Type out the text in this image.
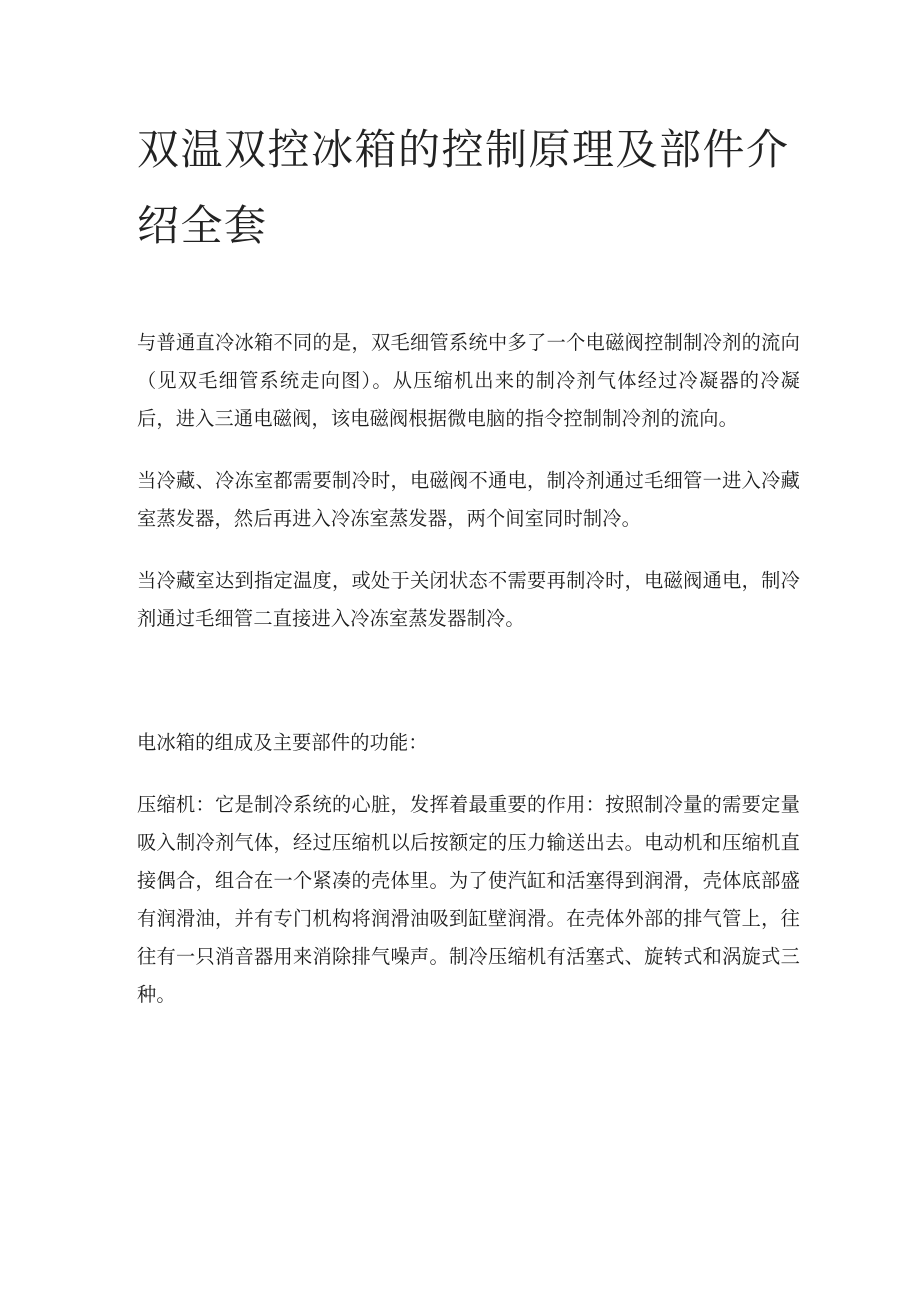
双温双控冰箱的控制原理及部件介绍全套

与普通直冷冰箱不同的是，双毛细管系统中多了一个电磁阀控制制冷剂的流向（见双毛细管系统走向图）。从压缩机出来的制冷剂气体经过冷凝器的冷凝后，进入三通电磁阀，该电磁阀根据微电脑的指令控制制冷剂的流向。

当冷藏、冷冻室都需要制冷时，电磁阀不通电，制冷剂通过毛细管一进入冷藏室蒸发器，然后再进入冷冻室蒸发器，两个间室同时制冷。

当冷藏室达到指定温度，或处于关闭状态不需要再制冷时，电磁阀通电，制冷剂通过毛细管二直接进入冷冻室蒸发器制冷。

电冰箱的组成及主要部件的功能：

压缩机：它是制冷系统的心脏，发挥着最重要的作用：按照制冷量的需要定量吸入制冷剂气体，经过压缩机以后按额定的压力输送出去。电动机和压缩机直接偶合，组合在一个紧凑的壳体里。为了使汽缸和活塞得到润滑，壳体底部盛有润滑油，并有专门机构将润滑油吸到缸壁润滑。在壳体外部的排气管上，往往有一只消音器用来消除排气噪声。制冷压缩机有活塞式、旋转式和涡旋式三种。
